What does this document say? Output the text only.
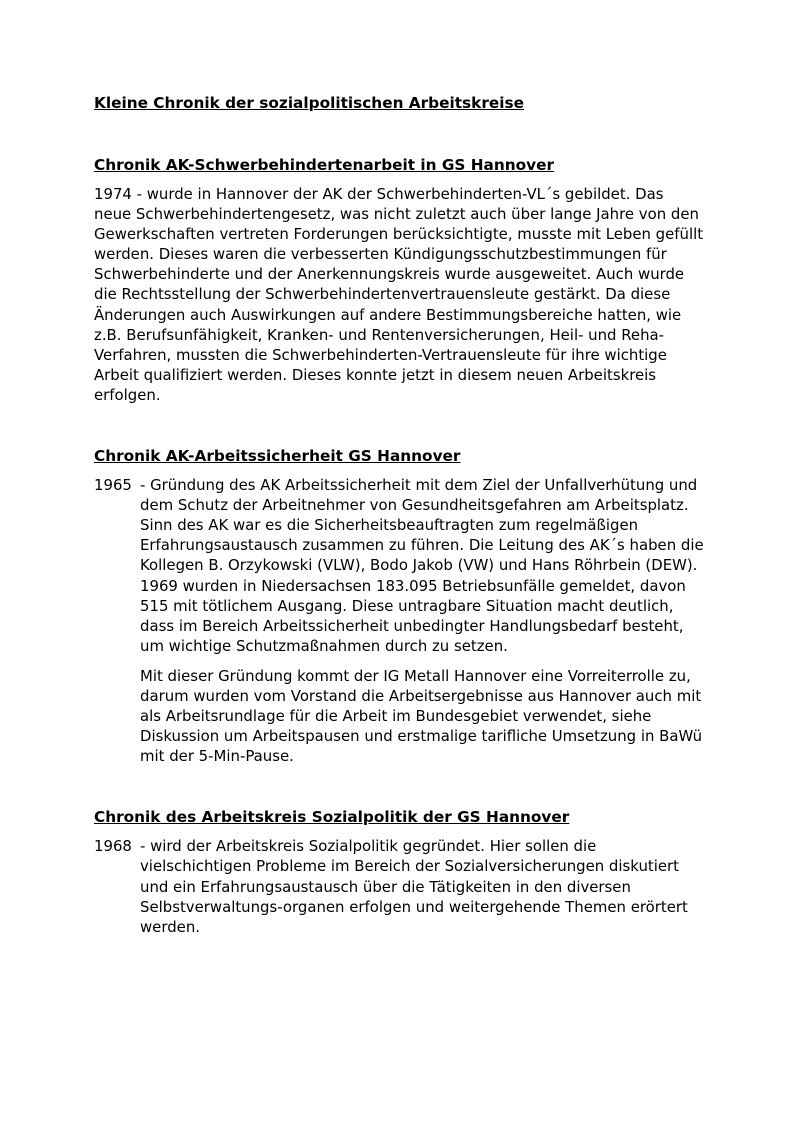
Kleine Chronik der sozialpolitischen Arbeitskreise
Chronik AK-Schwerbehindertenarbeit in GS Hannover

1974 - wurde in Hannover der AK der Schwerbehinderten-VL´s gebildet. Das neue Schwerbehindertengesetz, was nicht zuletzt auch über lange Jahre von den Gewerkschaften vertreten Forderungen berücksichtigte, musste mit Leben gefüllt werden. Dieses waren die verbesserten Kündigungsschutzbestimmungen für Schwerbehinderte und der Anerkennungskreis wurde ausgeweitet. Auch wurde die Rechtsstellung der Schwerbehindertenvertrauensleute gestärkt. Da diese Änderungen auch Auswirkungen auf andere Bestimmungsbereiche hatten, wie z.B. Berufsunfähigkeit, Kranken- und Rentenversicherungen, Heil- und Reha-Verfahren, mussten die Schwerbehinderten-Vertrauensleute für ihre wichtige Arbeit qualifiziert werden. Dieses konnte jetzt in diesem neuen Arbeitskreis erfolgen.

Chronik AK-Arbeitssicherheit GS Hannover
1965 - Gründung des AK Arbeitssicherheit mit dem Ziel der Unfallverhütung und dem Schutz der Arbeitnehmer von Gesundheitsgefahren am Arbeitsplatz. Sinn des AK war es die Sicherheitsbeauftragten zum regelmäßigen Erfahrungsaustausch zusammen zu führen. Die Leitung des AK´s haben die Kollegen B. Orzykowski (VLW), Bodo Jakob (VW) und Hans Röhrbein (DEW). 1969 wurden in Niedersachsen 183.095 Betriebsunfälle gemeldet, davon 515 mit tötlichem Ausgang. Diese untragbare Situation macht deutlich, dass im Bereich Arbeitssicherheit unbedingter Handlungsbedarf besteht, um wichtige Schutzmaßnahmen durch zu setzen.

Mit dieser Gründung kommt der IG Metall Hannover eine Vorreiterrolle zu, darum wurden vom Vorstand die Arbeitsergebnisse aus Hannover auch mit als Arbeitsrundlage für die Arbeit im Bundesgebiet verwendet, siehe Diskussion um Arbeitspausen und erstmalige tarifliche Umsetzung in BaWü mit der 5-Min-Pause.

Chronik des Arbeitskreis Sozialpolitik der GS Hannover
1968 - wird der Arbeitskreis Sozialpolitik gegründet. Hier sollen die vielschichtigen Probleme im Bereich der Sozialversicherungen diskutiert und ein Erfahrungsaustausch über die Tätigkeiten in den diversen Selbstverwaltungs-organen erfolgen und weitergehende Themen erörtert werden.
